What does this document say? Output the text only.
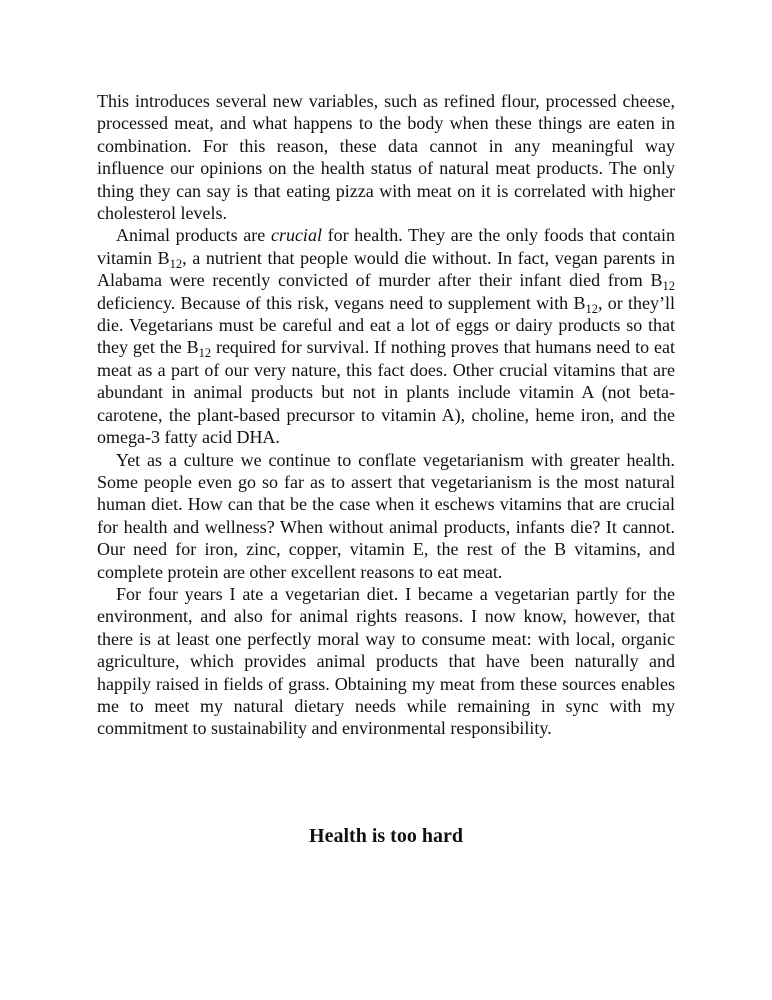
This introduces several new variables, such as refined flour, processed cheese, processed meat, and what happens to the body when these things are eaten in combination. For this reason, these data cannot in any meaningful way influence our opinions on the health status of natural meat products. The only thing they can say is that eating pizza with meat on it is correlated with higher cholesterol levels.

Animal products are crucial for health. They are the only foods that contain vitamin $B_{12}$, a nutrient that people would die without. In fact, vegan parents in Alabama were recently convicted of murder after their infant died from $B_{12}$ deficiency. Because of this risk, vegans need to supplement with $B_{12}$, or they’ll die. Vegetarians must be careful and eat a lot of eggs or dairy products so that they get the $B_{12}$ required for survival. If nothing proves that humans need to eat meat as a part of our very nature, this fact does. Other crucial vitamins that are abundant in animal products but not in plants include vitamin A (not beta-carotene, the plant-based precursor to vitamin A), choline, heme iron, and the omega-3 fatty acid DHA.

Yet as a culture we continue to conflate vegetarianism with greater health. Some people even go so far as to assert that vegetarianism is the most natural human diet. How can that be the case when it eschews vitamins that are crucial for health and wellness? When without animal products, infants die? It cannot. Our need for iron, zinc, copper, vitamin E, the rest of the B vitamins, and complete protein are other excellent reasons to eat meat.

For four years I ate a vegetarian diet. I became a vegetarian partly for the environment, and also for animal rights reasons. I now know, however, that there is at least one perfectly moral way to consume meat: with local, organic agriculture, which provides animal products that have been naturally and happily raised in fields of grass. Obtaining my meat from these sources enables me to meet my natural dietary needs while remaining in sync with my commitment to sustainability and environmental responsibility.

Health is too hard
